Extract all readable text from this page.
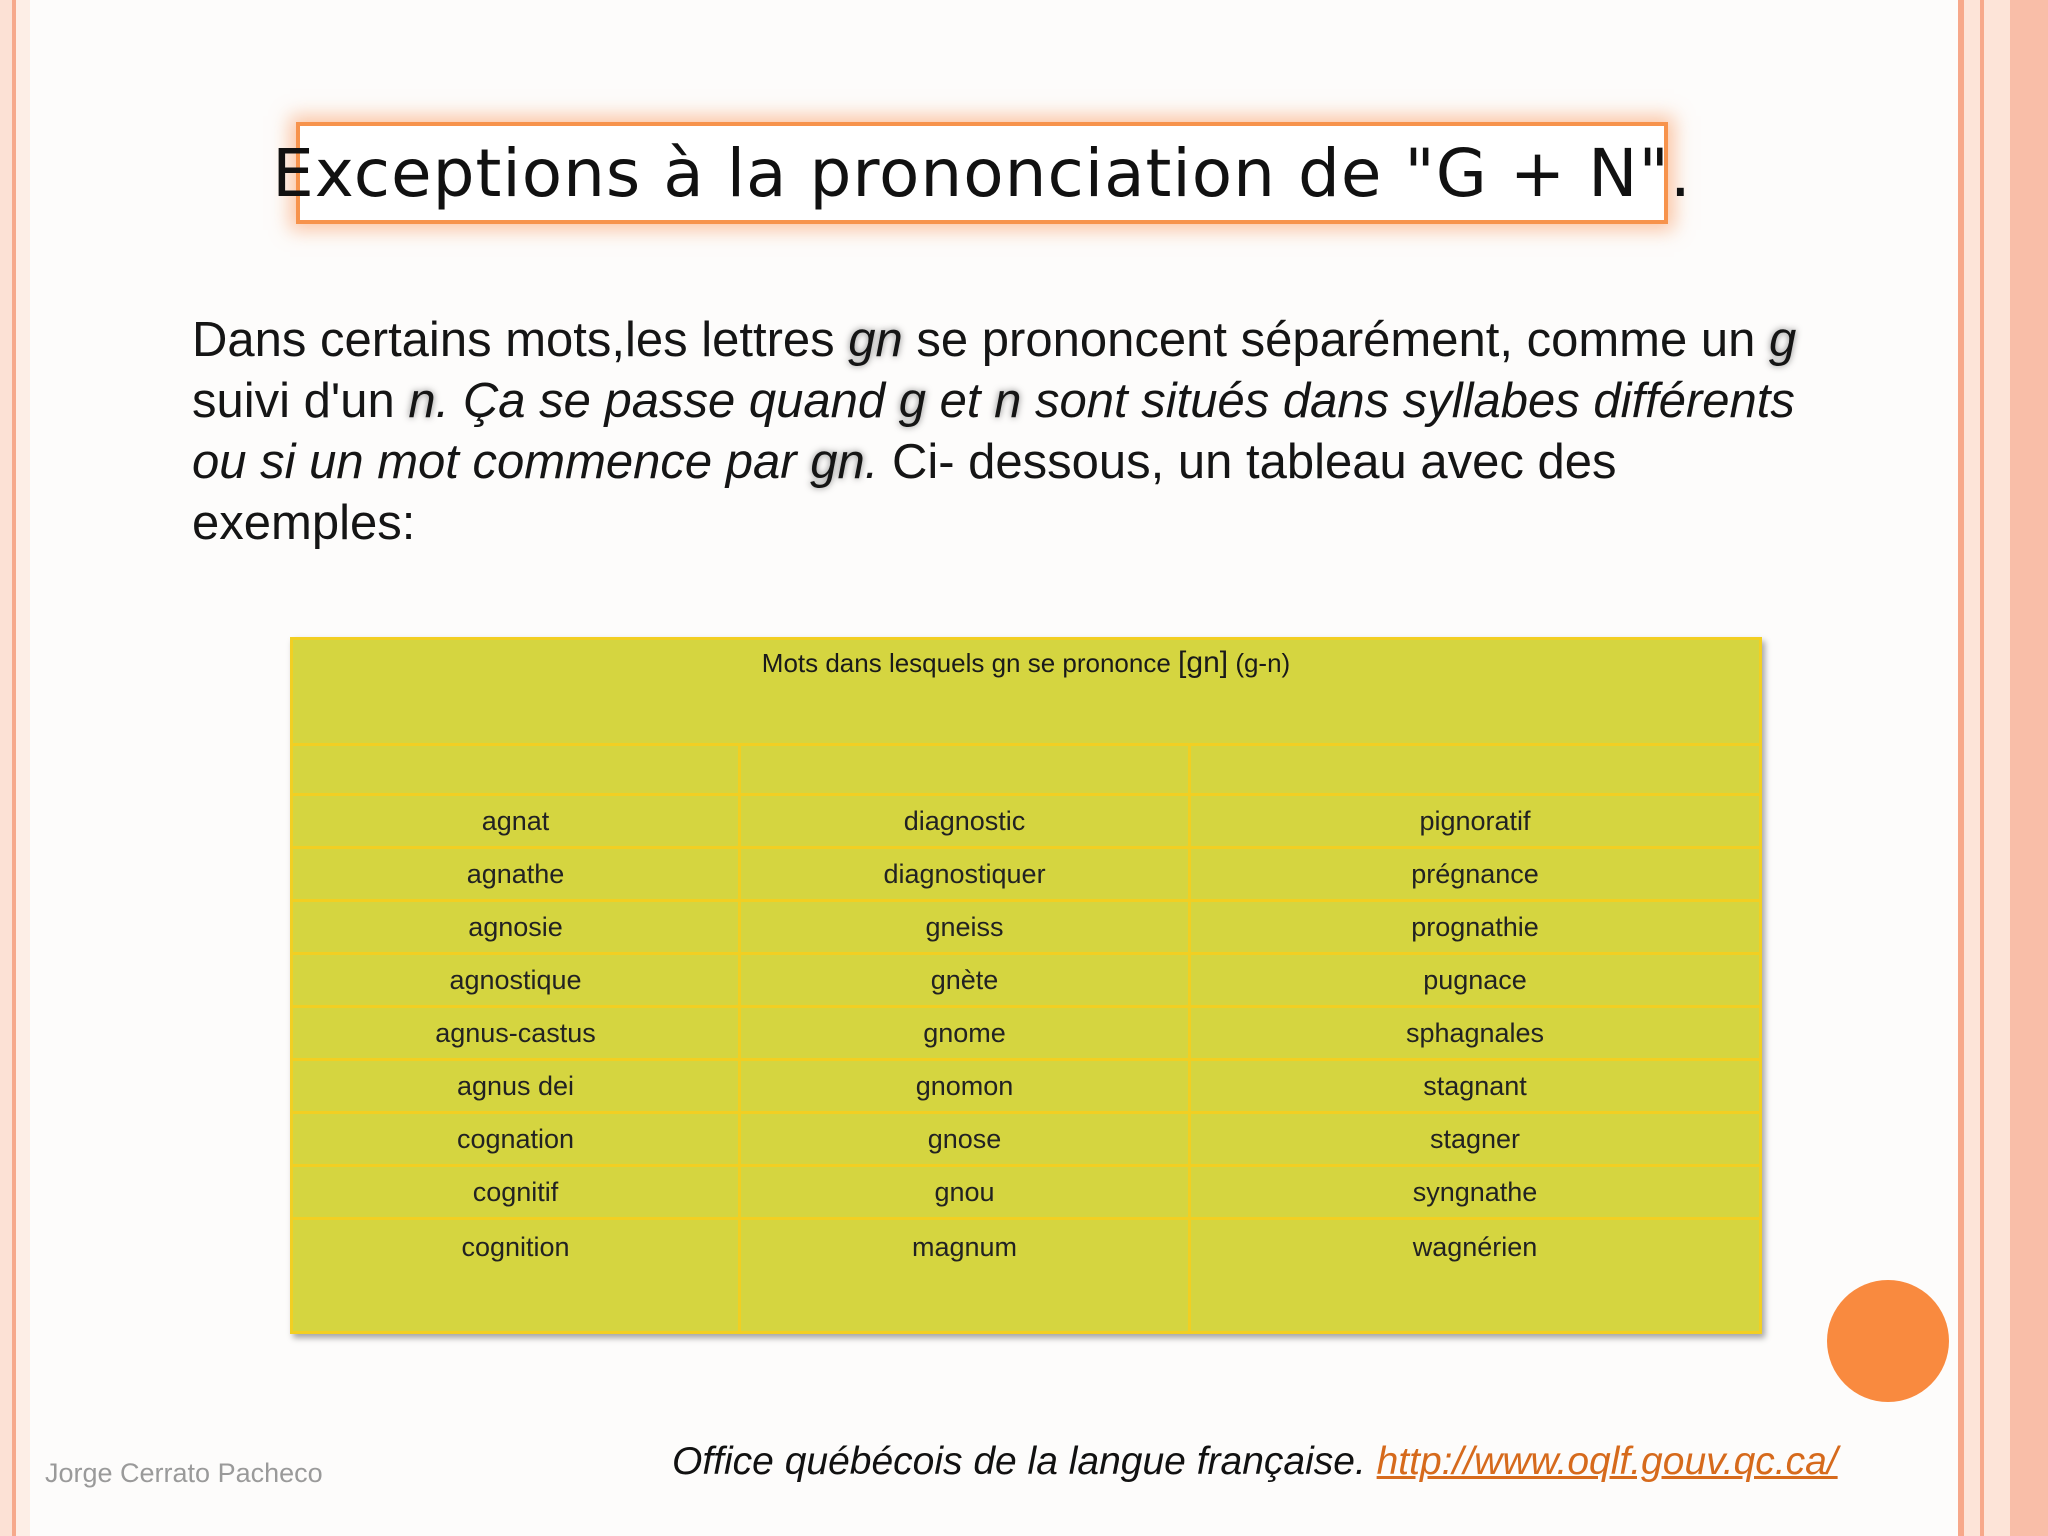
Exceptions à la prononciation de "G + N".

Dans certains mots,les lettres gn se prononcent séparément, comme un g suivi d'un n. Ça se passe quand g et n sont situés dans syllabes différents ou si un mot commence par gn. Ci- dessous, un tableau avec des exemples:

Mots dans lesquels gn se prononce [gn] (g-n)
agnat
agnathe
agnosie
agnostique
agnus-castus
agnus dei
cognation
cognitif
cognition
diagnostic
diagnostiquer
gneiss
gnète
gnome
gnomon
gnose
gnou
magnum
pignoratif
prégnance
prognathie
pugnace
sphagnales
stagnant
stagner
syngnathe
wagnérien
Jorge Cerrato Pacheco	Office québécois de la langue française. http://www.oqlf.gouv.qc.ca/
